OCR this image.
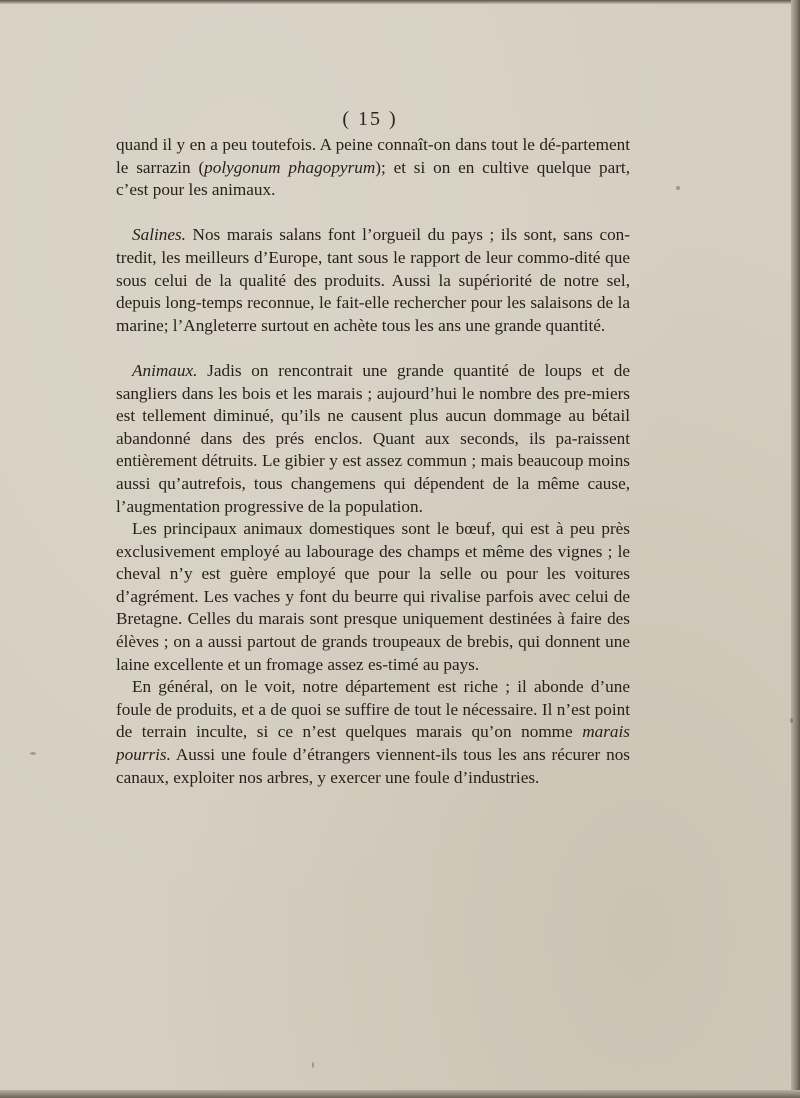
( 15 )

quand il y en a peu toutefois. A peine connaît-on dans tout le dé-partement le sarrazin (polygonum phagopyrum); et si on en cultive quelque part, c’est pour les animaux.

Salines. Nos marais salans font l’orgueil du pays ; ils sont, sans con-tredit, les meilleurs d’Europe, tant sous le rapport de leur commo-dité que sous celui de la qualité des produits. Aussi la supériorité de notre sel, depuis long-temps reconnue, le fait-elle rechercher pour les salaisons de la marine; l’Angleterre surtout en achète tous les ans une grande quantité.

Animaux. Jadis on rencontrait une grande quantité de loups et de sangliers dans les bois et les marais ; aujourd’hui le nombre des pre-miers est tellement diminué, qu’ils ne causent plus aucun dommage au bétail abandonné dans des prés enclos. Quant aux seconds, ils pa-raissent entièrement détruits. Le gibier y est assez commun ; mais beaucoup moins aussi qu’autrefois, tous changemens qui dépendent de la même cause, l’augmentation progressive de la population.

Les principaux animaux domestiques sont le bœuf, qui est à peu près exclusivement employé au labourage des champs et même des vignes ; le cheval n’y est guère employé que pour la selle ou pour les voitures d’agrément. Les vaches y font du beurre qui rivalise parfois avec celui de Bretagne. Celles du marais sont presque uniquement destinées à faire des élèves ; on a aussi partout de grands troupeaux de brebis, qui donnent une laine excellente et un fromage assez es-timé au pays.

En général, on le voit, notre département est riche ; il abonde d’une foule de produits, et a de quoi se suffire de tout le nécessaire. Il n’est point de terrain inculte, si ce n’est quelques marais qu’on nomme marais pourris. Aussi une foule d’étrangers viennent-ils tous les ans récurer nos canaux, exploiter nos arbres, y exercer une foule d’industries.
